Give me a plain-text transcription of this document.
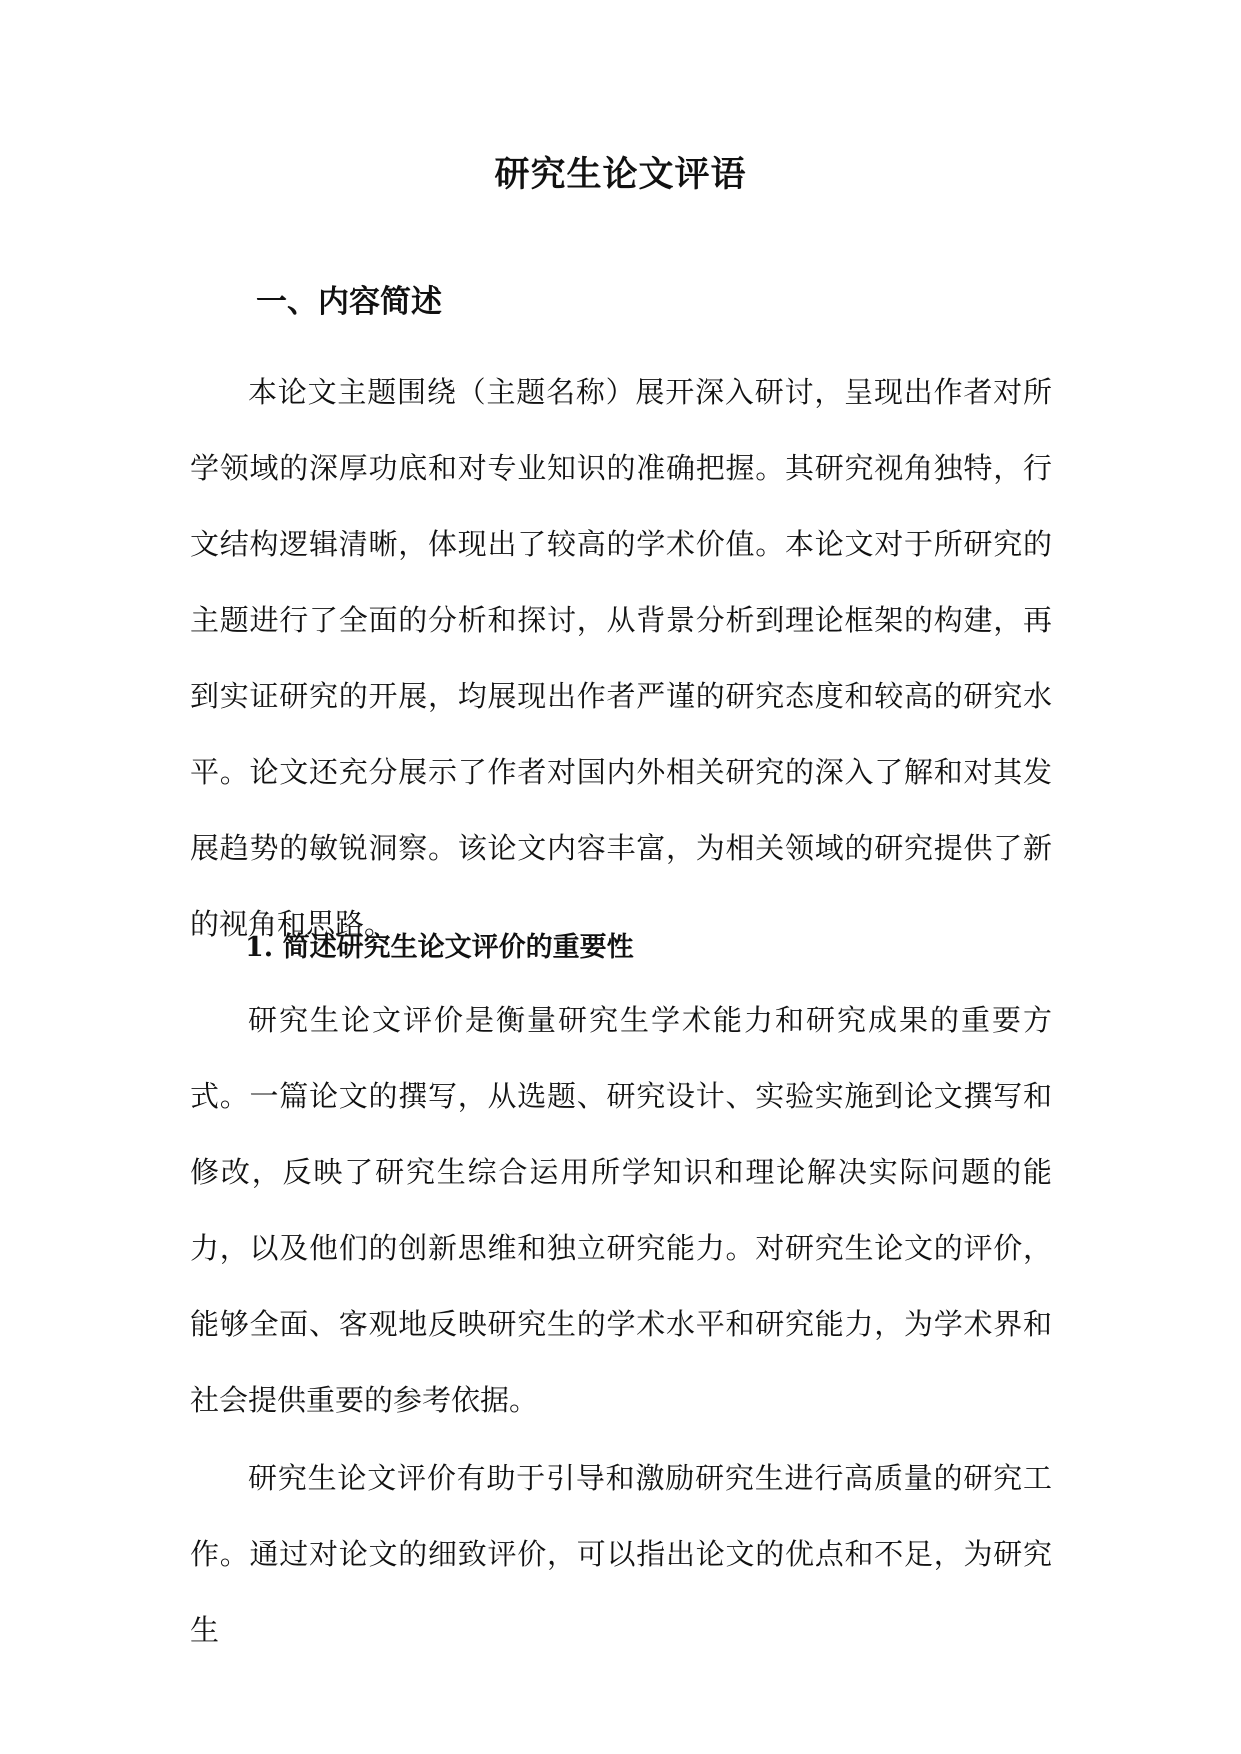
研究生论文评语
一、内容简述
本论文主题围绕（主题名称）展开深入研讨，呈现出作者对所学领域的深厚功底和对专业知识的准确把握。其研究视角独特，行文结构逻辑清晰，体现出了较高的学术价值。本论文对于所研究的主题进行了全面的分析和探讨，从背景分析到理论框架的构建，再到实证研究的开展，均展现出作者严谨的研究态度和较高的研究水平。论文还充分展示了作者对国内外相关研究的深入了解和对其发展趋势的敏锐洞察。该论文内容丰富，为相关领域的研究提供了新的视角和思路。
1. 简述研究生论文评价的重要性
研究生论文评价是衡量研究生学术能力和研究成果的重要方式。一篇论文的撰写，从选题、研究设计、实验实施到论文撰写和修改，反映了研究生综合运用所学知识和理论解决实际问题的能力，以及他们的创新思维和独立研究能力。对研究生论文的评价，能够全面、客观地反映研究生的学术水平和研究能力，为学术界和社会提供重要的参考依据。
研究生论文评价有助于引导和激励研究生进行高质量的研究工作。通过对论文的细致评价，可以指出论文的优点和不足，为研究生
